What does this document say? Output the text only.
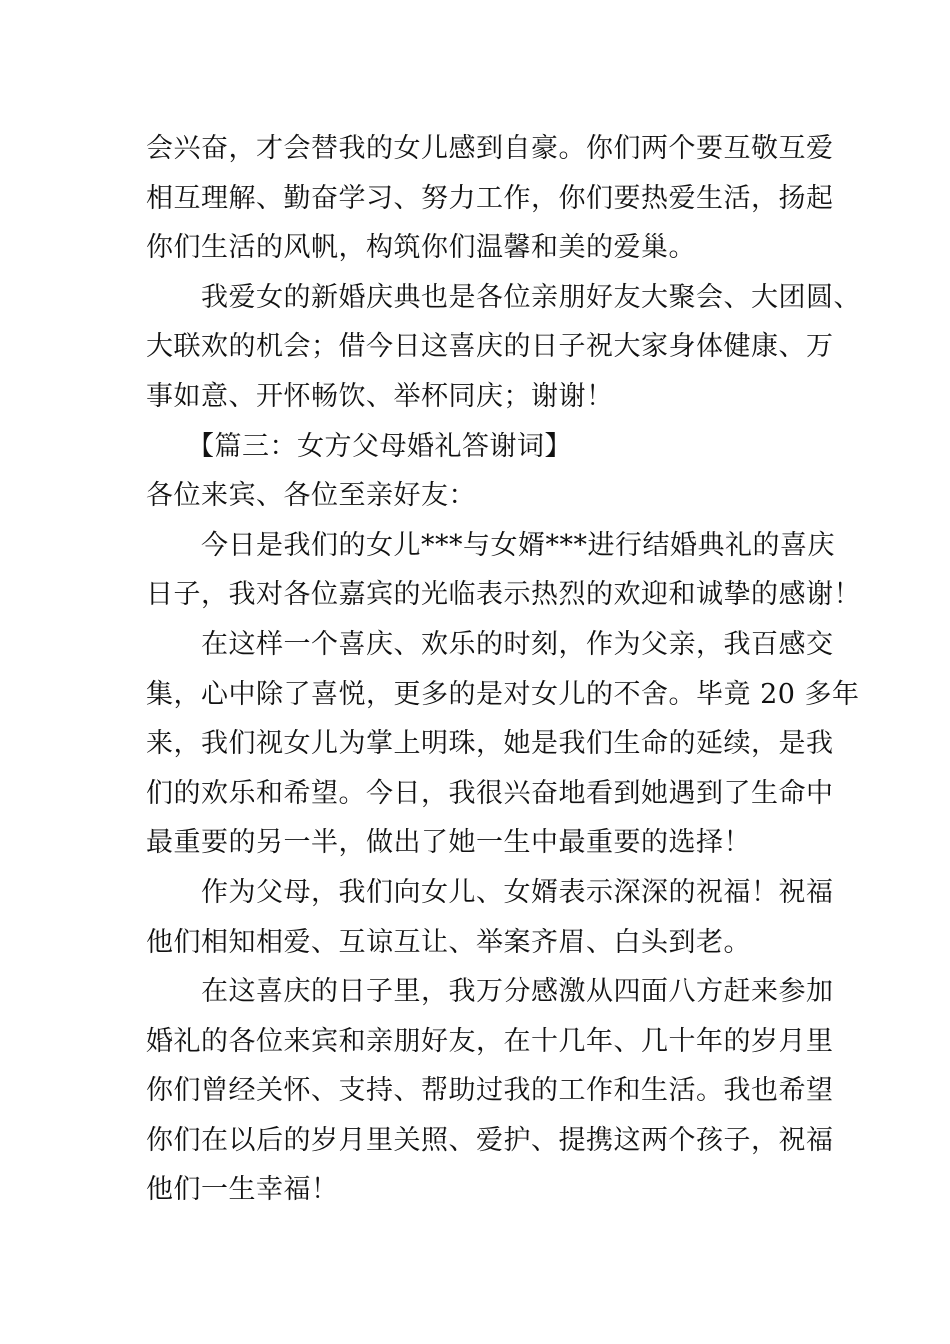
会兴奋，才会替我的女儿感到自豪。你们两个要互敬互爱
相互理解、勤奋学习、努力工作，你们要热爱生活，扬起
你们生活的风帆，构筑你们温馨和美的爱巢。
我爱女的新婚庆典也是各位亲朋好友大聚会、大团圆、
大联欢的机会；借今日这喜庆的日子祝大家身体健康、万
事如意、开怀畅饮、举杯同庆；谢谢！
【篇三：女方父母婚礼答谢词】
各位来宾、各位至亲好友：
今日是我们的女儿***与女婿***进行结婚典礼的喜庆
日子，我对各位嘉宾的光临表示热烈的欢迎和诚挚的感谢！
在这样一个喜庆、欢乐的时刻，作为父亲，我百感交
集，心中除了喜悦，更多的是对女儿的不舍。毕竟 20 多年
来，我们视女儿为掌上明珠，她是我们生命的延续，是我
们的欢乐和希望。今日，我很兴奋地看到她遇到了生命中
最重要的另一半，做出了她一生中最重要的选择！
作为父母，我们向女儿、女婿表示深深的祝福！祝福
他们相知相爱、互谅互让、举案齐眉、白头到老。
在这喜庆的日子里，我万分感激从四面八方赶来参加
婚礼的各位来宾和亲朋好友，在十几年、几十年的岁月里
你们曾经关怀、支持、帮助过我的工作和生活。我也希望
你们在以后的岁月里关照、爱护、提携这两个孩子，祝福
他们一生幸福！
